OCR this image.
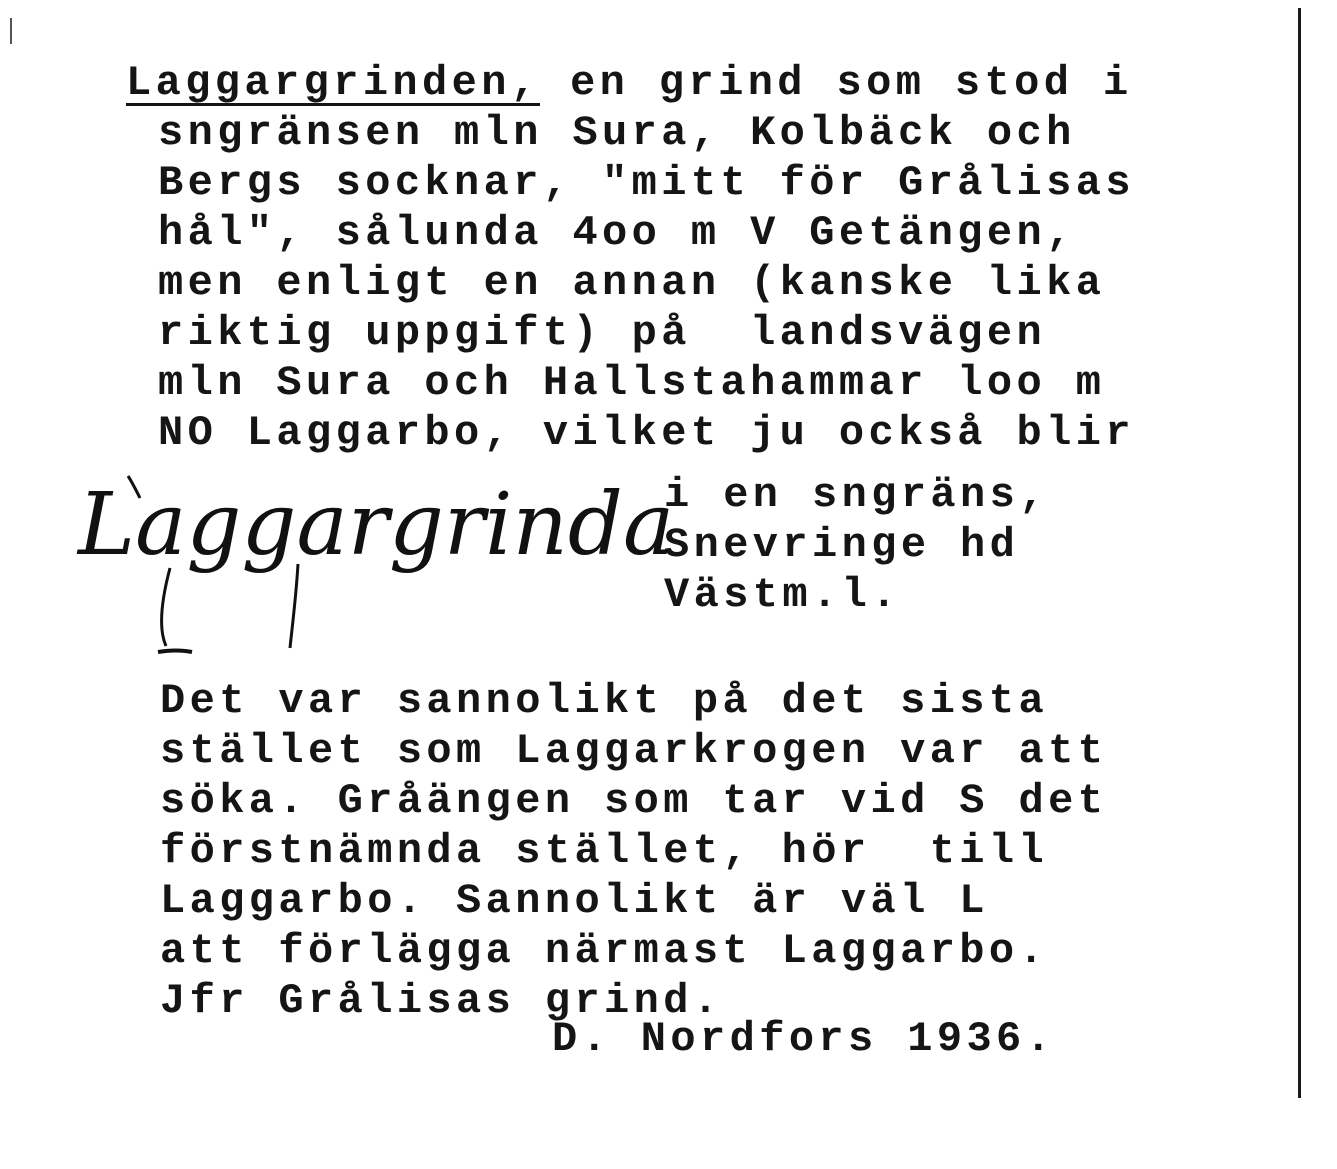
Laggargrinden, en grind som stod i
sngränsen mln Sura, Kolbäck och
Bergs socknar, "mitt för Grålisas
hål", sålunda 4oo m V Getängen,
men enligt en annan (kanske lika
riktig uppgift) på  landsvägen
mln Sura och Hallstahammar loo m
NO Laggarbo, vilket ju också blir
i en sngräns,
Snevringe hd
Västm.l.
Laggargrinda
Det var sannolikt på det sista
stället som Laggarkrogen var att
söka. Gråängen som tar vid S det
förstnämnda stället, hör  till
Laggarbo. Sannolikt är väl L
att förlägga närmast Laggarbo.
Jfr Grålisas grind.
D. Nordfors 1936.
